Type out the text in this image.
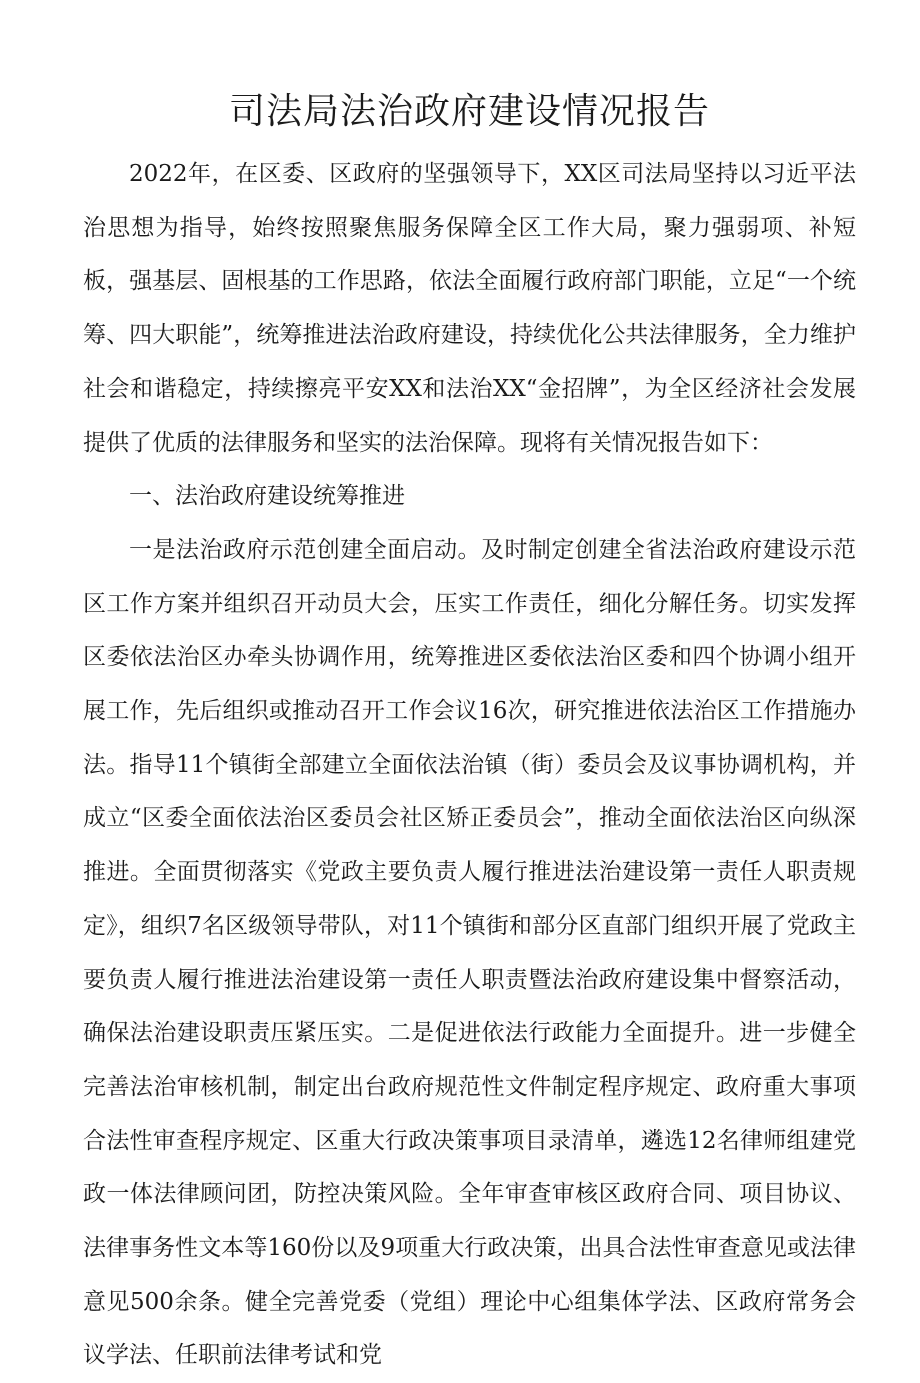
司法局法治政府建设情况报告

2022年，在区委、区政府的坚强领导下，XX区司法局坚持以习近平法治思想为指导，始终按照聚焦服务保障全区工作大局，聚力强弱项、补短板，强基层、固根基的工作思路，依法全面履行政府部门职能，立足“一个统筹、四大职能”，统筹推进法治政府建设，持续优化公共法律服务，全力维护社会和谐稳定，持续擦亮平安XX和法治XX“金招牌”，为全区经济社会发展提供了优质的法律服务和坚实的法治保障。现将有关情况报告如下：

一、法治政府建设统筹推进

一是法治政府示范创建全面启动。及时制定创建全省法治政府建设示范区工作方案并组织召开动员大会，压实工作责任，细化分解任务。切实发挥区委依法治区办牵头协调作用，统筹推进区委依法治区委和四个协调小组开展工作，先后组织或推动召开工作会议16次，研究推进依法治区工作措施办法。指导11个镇街全部建立全面依法治镇（街）委员会及议事协调机构，并成立“区委全面依法治区委员会社区矫正委员会”，推动全面依法治区向纵深推进。全面贯彻落实《党政主要负责人履行推进法治建设第一责任人职责规定》，组织7名区级领导带队，对11个镇街和部分区直部门组织开展了党政主要负责人履行推进法治建设第一责任人职责暨法治政府建设集中督察活动，确保法治建设职责压紧压实。二是促进依法行政能力全面提升。进一步健全完善法治审核机制，制定出台政府规范性文件制定程序规定、政府重大事项合法性审查程序规定、区重大行政决策事项目录清单，遴选12名律师组建党政一体法律顾问团，防控决策风险。全年审查审核区政府合同、项目协议、法律事务性文本等160份以及9项重大行政决策，出具合法性审查意见或法律意见500余条。健全完善党委（党组）理论中心组集体学法、区政府常务会议学法、任职前法律考试和党
